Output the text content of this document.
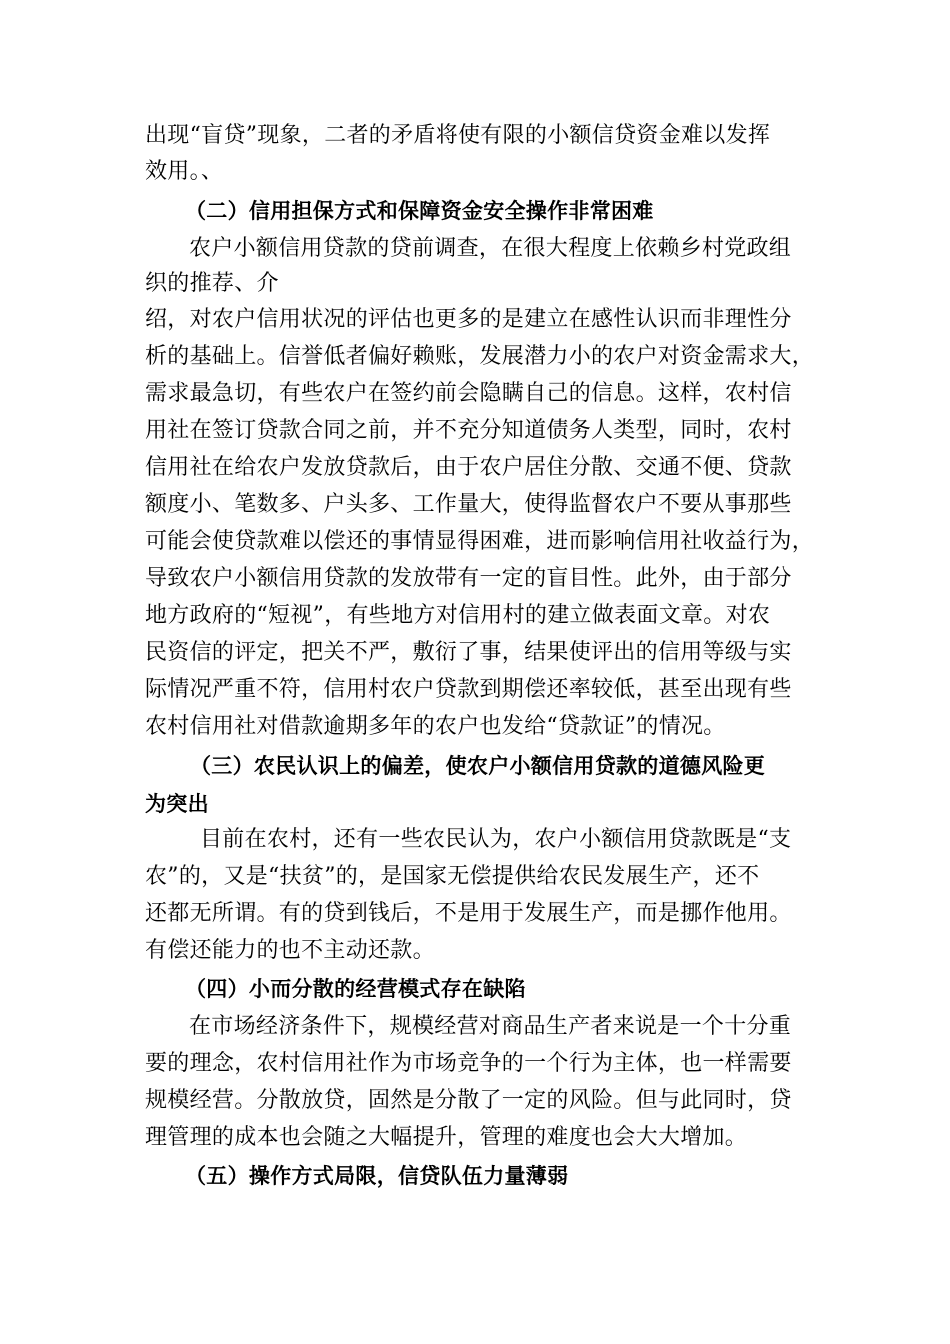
出现“盲贷”现象，二者的矛盾将使有限的小额信贷资金难以发挥
效用。、
（二）信用担保方式和保障资金安全操作非常困难
农户小额信用贷款的贷前调查，在很大程度上依赖乡村党政组
织的推荐、介
绍，对农户信用状况的评估也更多的是建立在感性认识而非理性分
析的基础上。信誉低者偏好赖账，发展潜力小的农户对资金需求大，
需求最急切，有些农户在签约前会隐瞒自己的信息。这样，农村信
用社在签订贷款合同之前，并不充分知道债务人类型，同时，农村
信用社在给农户发放贷款后，由于农户居住分散、交通不便、贷款
额度小、笔数多、户头多、工作量大，使得监督农户不要从事那些
可能会使贷款难以偿还的事情显得困难，进而影响信用社收益行为，
导致农户小额信用贷款的发放带有一定的盲目性。此外，由于部分
地方政府的“短视”，有些地方对信用村的建立做表面文章。对农
民资信的评定，把关不严，敷衍了事，结果使评出的信用等级与实
际情况严重不符，信用村农户贷款到期偿还率较低，甚至出现有些
农村信用社对借款逾期多年的农户也发给“贷款证”的情况。
（三）农民认识上的偏差，使农户小额信用贷款的道德风险更
为突出
目前在农村，还有一些农民认为，农户小额信用贷款既是“支
农”的，又是“扶贫”的，是国家无偿提供给农民发展生产，还不
还都无所谓。有的贷到钱后，不是用于发展生产，而是挪作他用。
有偿还能力的也不主动还款。
（四）小而分散的经营模式存在缺陷
在市场经济条件下，规模经营对商品生产者来说是一个十分重
要的理念，农村信用社作为市场竞争的一个行为主体，也一样需要
规模经营。分散放贷，固然是分散了一定的风险。但与此同时，贷
理管理的成本也会随之大幅提升，管理的难度也会大大增加。
（五）操作方式局限，信贷队伍力量薄弱
